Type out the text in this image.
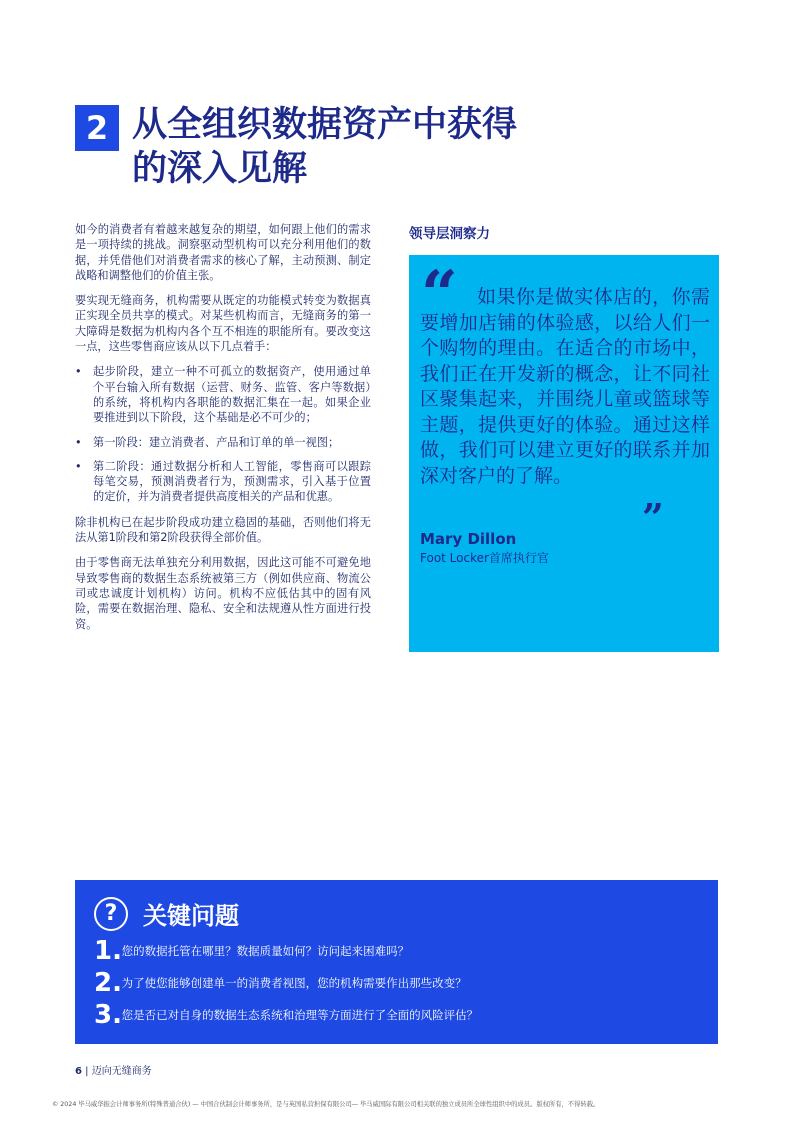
2 从全组织数据资产中获得
的深入见解

如今的消费者有着越来越复杂的期望，如何跟上他们的需求是一项持续的挑战。洞察驱动型机构可以充分利用他们的数据，并凭借他们对消费者需求的核心了解，主动预测、制定战略和调整他们的价值主张。

要实现无缝商务，机构需要从既定的功能模式转变为数据真正实现全员共享的模式。对某些机构而言，无缝商务的第一大障碍是数据为机构内各个互不相连的职能所有。要改变这一点，这些零售商应该从以下几点着手：

• 起步阶段，建立一种不可孤立的数据资产，使用通过单个平台输入所有数据（运营、财务、监管、客户等数据）的系统，将机构内各职能的数据汇集在一起。如果企业要推进到以下阶段，这个基础是必不可少的；
• 第一阶段：建立消费者、产品和订单的单一视图；
• 第二阶段：通过数据分析和人工智能，零售商可以跟踪每笔交易，预测消费者行为，预测需求，引入基于位置的定价，并为消费者提供高度相关的产品和优惠。

除非机构已在起步阶段成功建立稳固的基础，否则他们将无法从第1阶段和第2阶段获得全部价值。

由于零售商无法单独充分利用数据，因此这可能不可避免地导致零售商的数据生态系统被第三方（例如供应商、物流公司或忠诚度计划机构）访问。机构不应低估其中的固有风险，需要在数据治理、隐私、安全和法规遵从性方面进行投资。

领导层洞察力
“	如果你是做实体店的，你需要增加店铺的体验感，以给人们一个购物的理由。在适合的市场中，我们正在开发新的概念，让不同社区聚集起来，并围绕儿童或篮球等主题，提供更好的体验。通过这样做，我们可以建立更好的联系并加深对客户的了解。
”
Mary Dillon
Foot Locker首席执行官
?	关键问题
1. 您的数据托管在哪里？数据质量如何？访问起来困难吗？
2. 为了使您能够创建单一的消费者视图，您的机构需要作出那些改变？
3. 您是否已对自身的数据生态系统和治理等方面进行了全面的风险评估？
6 | 迈向无缝商务
© 2024 毕马威华振会计师事务所(特殊普通合伙) — 中国合伙制会计师事务所，是与英国私营担保有限公司— 毕马威国际有限公司相关联的独立成员所全球性组织中的成员。版权所有，不得转载。
